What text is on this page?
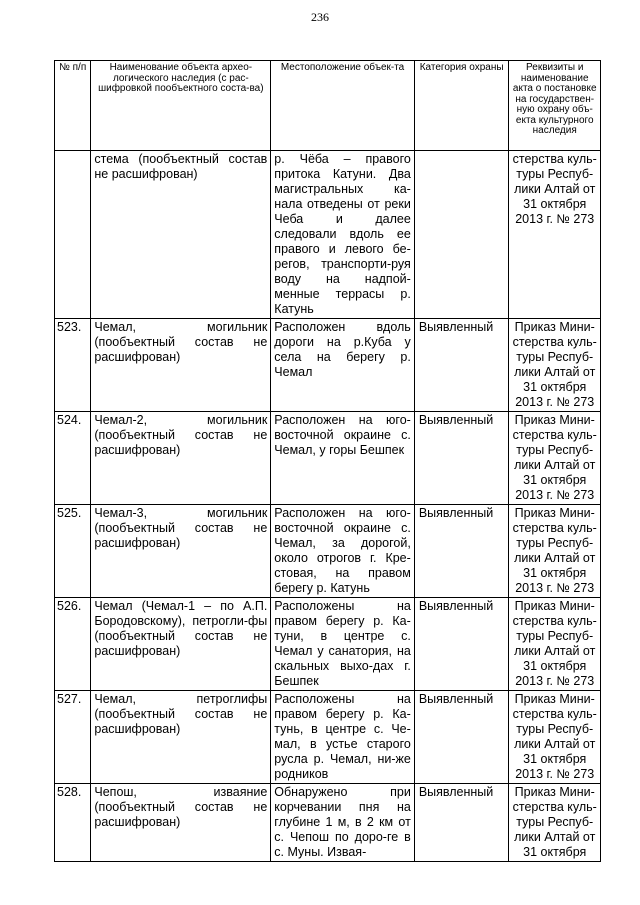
236
№ п/п	Наименование объекта архео-логического наследия (с рас-шифровкой пообъектного соста-ва)	Местоположение объек-та	Категория охраны	Реквизиты и наименование акта о постановке на государствен-ную охрану объ-екта культурного наследия
	стема (пообъектный состав не расшифрован)	р. Чёба – правого притока Катуни. Два магистральных ка-нала отведены от реки Чеба и далее следовали вдоль ее правого и левого бе-регов, транспорти-руя воду на надпой-менные террасы р. Катунь		стерства куль-туры Респуб-лики Алтай от 31 октября 2013 г. № 273
523.	Чемал, могильник (пообъектный состав не расшифрован)	Расположен вдоль дороги на р.Куба у села на берегу р. Чемал	Выявленный	Приказ Мини-стерства куль-туры Респуб-лики Алтай от 31 октября 2013 г. № 273
524.	Чемал-2, могильник (пообъектный состав не расшифрован)	Расположен на юго-восточной окраине с. Чемал, у горы Бешпек	Выявленный	Приказ Мини-стерства куль-туры Респуб-лики Алтай от 31 октября 2013 г. № 273
525.	Чемал-3, могильник (пообъектный состав не расшифрован)	Расположен на юго-восточной окраине с. Чемал, за дорогой, около отрогов г. Кре-стовая, на правом берегу р. Катунь	Выявленный	Приказ Мини-стерства куль-туры Респуб-лики Алтай от 31 октября 2013 г. № 273
526.	Чемал (Чемал-1 – по А.П. Бородовскому), петрогли-фы (пообъектный состав не расшифрован)	Расположены на правом берегу р. Ка-туни, в центре с. Чемал у санатория, на скальных выхо-дах г. Бешпек	Выявленный	Приказ Мини-стерства куль-туры Респуб-лики Алтай от 31 октября 2013 г. № 273
527.	Чемал, петроглифы (пообъектный состав не расшифрован)	Расположены на правом берегу р. Ка-тунь, в центре с. Че-мал, в устье старого русла р. Чемал, ни-же родников	Выявленный	Приказ Мини-стерства куль-туры Респуб-лики Алтай от 31 октября 2013 г. № 273
528.	Чепош, изваяние (пообъектный состав не расшифрован)	Обнаружено при корчевании пня на глубине 1 м, в 2 км от с. Чепош по доро-ге в с. Муны. Извая-	Выявленный	Приказ Мини-стерства куль-туры Респуб-лики Алтай от 31 октября
